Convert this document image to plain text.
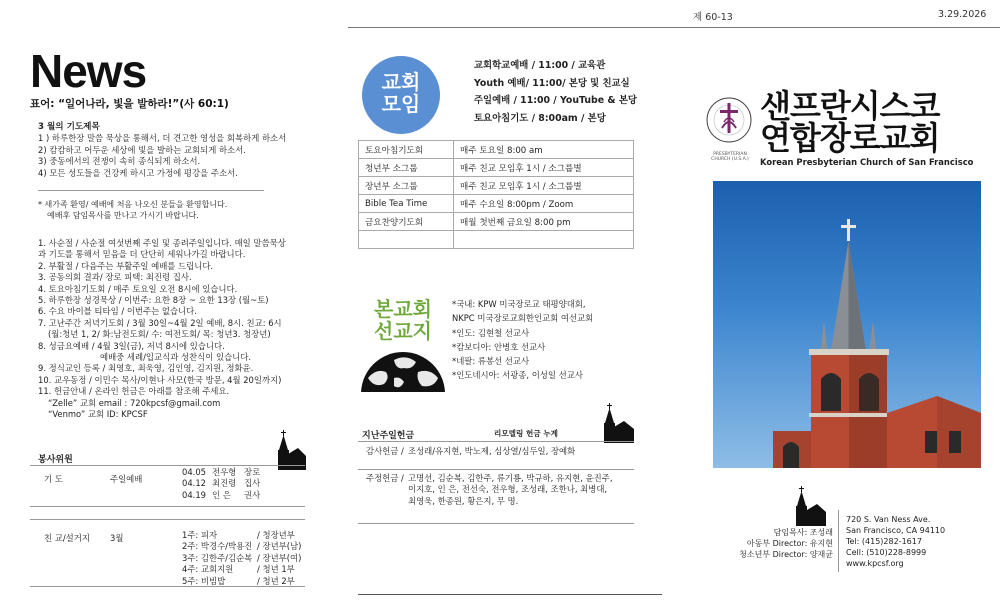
제 60-13	3.29.2026
News
표어: “일어나라, 빛을 발하라!”(사 60:1)
3 월의 기도제목
1 ) 하루한장 말씀 묵상을 통해서, 더 견고한 영성을 회복하게 하소서
2) 캄캄하고 어두운 세상에 빛을 발하는 교회되게 하소서.
3) 중동에서의 전쟁이 속히 종식되게 하소서.
4) 모든 성도들을 건강케 하시고 가정에 평강을 주소서.
* 새가족 환영/ 예배에 처음 나오신 분들을 환영합니다.
예배후 담임목사를 만나고 가시기 바랍니다.
1. 사순절 / 사순절 여섯번째 주일 및 종려주일입니다. 매일 말씀묵상
과 기도를 통해서 믿음을 더 단단히 세워나가길 바랍니다.
2. 부활절 / 다음주는 부활주일 예배를 드립니다.
3. 공동의회 결과/ 장로 피택: 최진령 집사.
4. 토요아침기도회 / 매주 토요일 오전 8시에 있습니다.
5. 하루한장 성경묵상 / 이번주: 요한 8장 ~ 요한 13장 (월~토)
6. 수요 바이블 티타임 / 이번주는 없습니다.
7. 고난주간 저녁기도회 / 3월 30일~4월 2일 예배, 8시. 친교: 6시
(월:청년 1, 2/ 화:남전도회/ 수: 여전도회/ 목: 청년3. 청장년)
8. 성금요예배 / 4월 3일(금), 저녁 8시에 있습니다.
예배중 세례/입교식과 성찬식이 있습니다.
9. 정식교인 등록 / 최영호, 최욱영, 김인영, 김지원, 정화윤.
10. 교우동정 / 이민수 목사/이현나 사모(한국 방문, 4월 20일까지)
11. 헌금안내 / 온라인 헌금은 아래를 참조해 주세요.
“Zelle” 교회 email : 720kpcsf@gmail.com
“Venmo” 교회 ID: KPCSF
봉사위원
기 도	주일예배
04.05 전우형 장로
04.12 최진령 집사
04.19 인 은 권사
친 교/설거지 3월	1주: 피자	/ 청장년부
2주: 박경수/박용진 / 장년부(남)
3주: 김한주/김순복 / 장년부(여)
4주: 교회지원	/ 청년 1부
5주: 비빔밥	/ 청년 2부
교회
모임
교회학교예배 / 11:00 / 교육관
Youth 예배/ 11:00/ 본당 및 친교실
주일예배 / 11:00 / YouTube & 본당
토요아침기도 / 8:00am / 본당
토요아침기도회	매주 토요일 8:00 am
청년부 소그룹	매주 친교 모임후 1시 / 소그룹별
장년부 소그룹	매주 친교 모임후 1시 / 소그룹별
Bible Tea Time	매주 수요일 8:00pm / Zoom
금요찬양기도회	매월 첫번째 금요일 8:00 pm

본교회
선교지
*국내: KPW 미국장로교 태평양대회,
NKPC 미국장로교회한인교회 여선교회
*인도: 김현철 선교사
*캄보디아: 안병호 선교사
*네팔: 류봉선 선교사
*인도네시아: 서광종, 이성일 선교사
지난주일헌금	리모델링 헌금 누계
감사헌금 / 조성래/유지현, 박노제, 심상열/심두일, 장예화
주정헌금 / 고명선, 김순복, 김한주, 류기룡, 박규하, 유지현, 윤진주,
이지호, 인 은, 전선숙, 전우형, 조성래, 조한나, 최병대,
최영욱, 한종원, 황은지, 무 명.
PRESBYTERIAN CHURCH (U.S.A.)
샌프란시스코
연합장로교회
Korean Presbyterian Church of San Francisco
담임목사: 조성래
아동부 Director: 유지현
청소년부 Director: 양재균
720 S. Van Ness Ave.
San Francisco, CA 94110
Tel: (415)282-1617
Cell: (510)228-8999
www.kpcsf.org
